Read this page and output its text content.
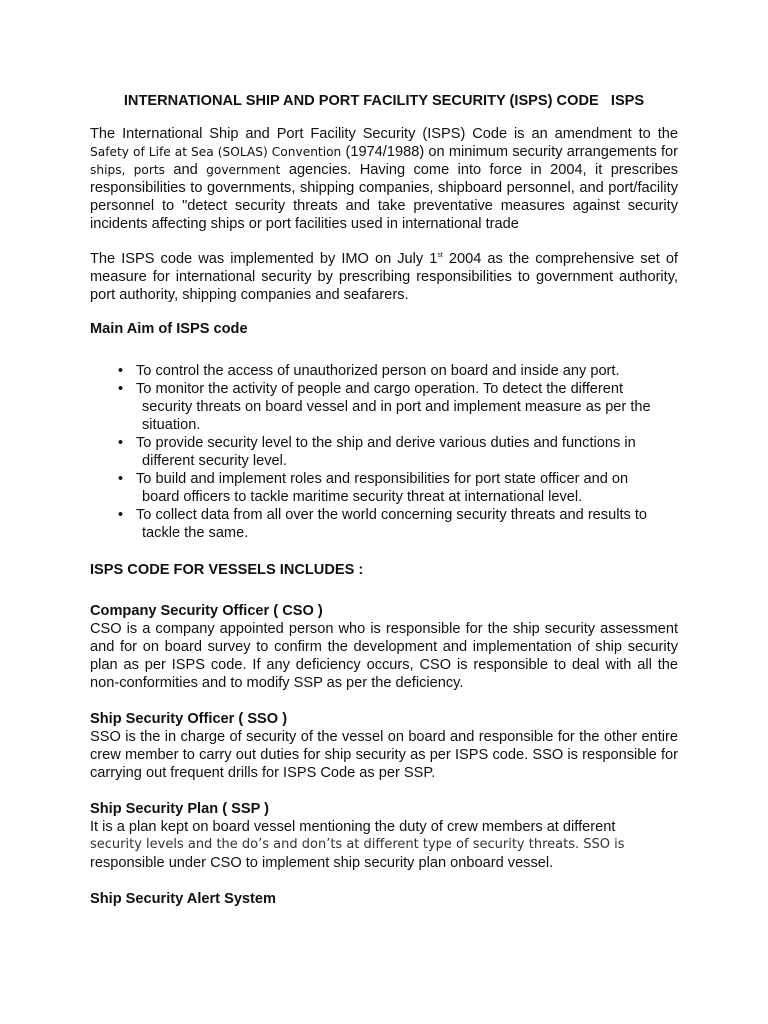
INTERNATIONAL SHIP AND PORT FACILITY SECURITY (ISPS) CODE   ISPS

The International Ship and Port Facility Security (ISPS) Code is an amendment to the Safety of Life at Sea (SOLAS) Convention (1974/1988) on minimum security arrangements for ships, ports and government agencies. Having come into force in 2004, it prescribes responsibilities to governments, shipping companies, shipboard personnel, and port/facility personnel to "detect security threats and take preventative measures against security incidents affecting ships or port facilities used in international trade

The ISPS code was implemented by IMO on July 1st 2004 as the comprehensive set of measure for international security by prescribing responsibilities to government authority, port authority, shipping companies and seafarers.

Main Aim of ISPS code

• To control the access of unauthorized person on board and inside any port.
• To monitor the activity of people and cargo operation. To detect the different
security threats on board vessel and in port and implement measure as per the situation.
• To provide security level to the ship and derive various duties and functions in
different security level.
• To build and implement roles and responsibilities for port state officer and on
board officers to tackle maritime security threat at international level.
• To collect data from all over the world concerning security threats and results to
tackle the same.

ISPS CODE FOR VESSELS INCLUDES :

Company Security Officer ( CSO )

CSO is a company appointed person who is responsible for the ship security assessment and for on board survey to confirm the development and implementation of ship security plan as per ISPS code. If any deficiency occurs, CSO is responsible to deal with all the non-conformities and to modify SSP as per the deficiency.

Ship Security Officer ( SSO )

SSO is the in charge of security of the vessel on board and responsible for the other entire crew member to carry out duties for ship security as per ISPS code. SSO is responsible for carrying out frequent drills for ISPS Code as per SSP.

Ship Security Plan ( SSP )

It is a plan kept on board vessel mentioning the duty of crew members at different

security levels and the do’s and don’ts at different type of security threats. SSO is

responsible under CSO to implement ship security plan onboard vessel.

Ship Security Alert System
